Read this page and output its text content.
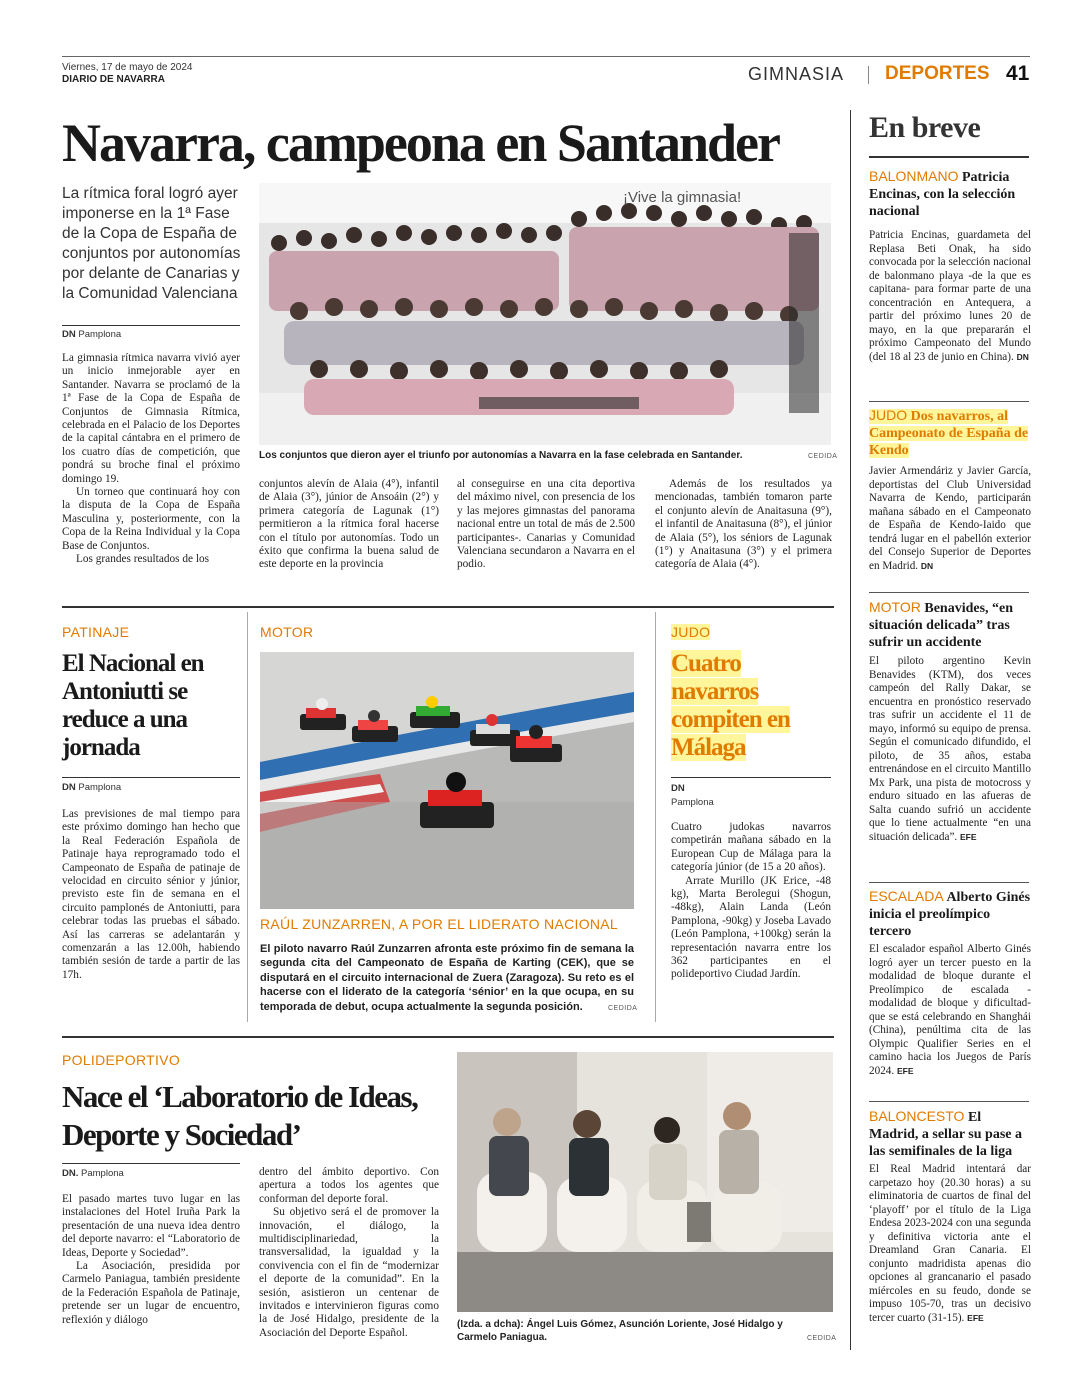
Viernes, 17 de mayo de 2024
DIARIO DE NAVARRA	GIMNASIA DEPORTES 41
Navarra, campeona en Santander
La rítmica foral logró ayer imponerse en la 1ª Fase de la Copa de España de conjuntos por autonomías por delante de Canarias y la Comunidad Valenciana
DN Pamplona

La gimnasia rítmica navarra vivió ayer un inicio inmejorable ayer en Santander. Navarra se proclamó de la 1ª Fase de la Copa de España de Conjuntos de Gimnasia Rítmica, celebrada en el Palacio de los Deportes de la capital cántabra en el primero de los cuatro días de competición, que pondrá su broche final el próximo domingo 19.

Un torneo que continuará hoy con la disputa de la Copa de España Masculina y, posteriormente, con la Copa de la Reina Individual y la Copa Base de Conjuntos.

Los grandes resultados de los

¡Vive la gimnasia!
Los conjuntos que dieron ayer el triunfo por autonomías a Navarra en la fase celebrada en Santander.	CEDIDA
conjuntos alevín de Alaia (4°), infantil de Alaia (3°), júnior de Ansoáin (2°) y primera categoría de Lagunak (1°) permitieron a la rítmica foral hacerse con el título por autonomías. Todo un éxito que confirma la buena salud de este deporte en la provincia
al conseguirse en una cita deportiva del máximo nivel, con presencia de los y las mejores gimnastas del panorama nacional entre un total de más de 2.500 participantes-. Canarias y Comunidad Valenciana secundaron a Navarra en el podio.
Además de los resultados ya mencionadas, también tomaron parte el conjunto alevín de Anaitasuna (9°), el infantil de Anaitasuna (8°), el júnior de Alaia (5°), los séniors de Lagunak (1°) y Anaitasuna (3°) y el primera categoría de Alaia (4°).
PATINAJE
El Nacional en Antoniutti se reduce a una jornada
DN Pamplona
Las previsiones de mal tiempo para este próximo domingo han hecho que la Real Federación Española de Patinaje haya reprogramado todo el Campeonato de España de patinaje de velocidad en circuito sénior y júnior, previsto este fin de semana en el circuito pamplonés de Antoniutti, para celebrar todas las pruebas el sábado. Así las carreras se adelantarán y comenzarán a las 12.00h, habiendo también sesión de tarde a partir de las 17h.
MOTOR
RAÚL ZUNZARREN, A POR EL LIDERATO NACIONAL
El piloto navarro Raúl Zunzarren afronta este próximo fin de semana la segunda cita del Campeonato de España de Karting (CEK), que se disputará en el circuito internacional de Zuera (Zaragoza). Su reto es el hacerse con el liderato de la categoría ‘sénior’ en la que ocupa, en su temporada de debut, ocupa actualmente la segunda posición.	CEDIDA
JUDO
Cuatro navarros compiten en Málaga
DN
Pamplona

Cuatro judokas navarros competirán mañana sábado en la European Cup de Málaga para la categoría júnior (de 15 a 20 años).

Arrate Murillo (JK Erice, -48 kg), Marta Berolegui (Shogun, -48kg), Alain Landa (León Pamplona, -90kg) y Joseba Lavado (León Pamplona, +100kg) serán la representación navarra entre los 362 participantes en el polideportivo Ciudad Jardín.

POLIDEPORTIVO
Nace el ‘Laboratorio de Ideas, Deporte y Sociedad’
DN. Pamplona

El pasado martes tuvo lugar en las instalaciones del Hotel Iruña Park la presentación de una nueva idea dentro del deporte navarro: el “Laboratorio de Ideas, Deporte y Sociedad”.

La Asociación, presidida por Carmelo Paniagua, también presidente de la Federación Española de Patinaje, pretende ser un lugar de encuentro, reflexión y diálogo

dentro del ámbito deportivo. Con apertura a todos los agentes que conforman del deporte foral.

Su objetivo será el de promover la innovación, el diálogo, la multidisciplinariedad, la transversalidad, la igualdad y la convivencia con el fin de “modernizar el deporte de la comunidad”. En la sesión, asistieron un centenar de invitados e intervinieron figuras como la de José Hidalgo, presidente de la Asociación del Deporte Español.

(Izda. a dcha): Ángel Luis Gómez, Asunción Loriente, José Hidalgo y Carmelo Paniagua.	CEDIDA
En breve
BALONMANO Patricia Encinas, con la selección nacional
Patricia Encinas, guardameta del Replasa Beti Onak, ha sido convocada por la selección nacional de balonmano playa -de la que es capitana- para formar parte de una concentración en Antequera, a partir del próximo lunes 20 de mayo, en la que prepararán el próximo Campeonato del Mundo (del 18 al 23 de junio en China). DN
JUDO Dos navarros, al Campeonato de España de Kendo
Javier Armendáriz y Javier García, deportistas del Club Universidad Navarra de Kendo, participarán mañana sábado en el Campeonato de España de Kendo-Iaido que tendrá lugar en el pabellón exterior del Consejo Superior de Deportes en Madrid. DN
MOTOR Benavides, “en situación delicada” tras sufrir un accidente
El piloto argentino Kevin Benavides (KTM), dos veces campeón del Rally Dakar, se encuentra en pronóstico reservado tras sufrir un accidente el 11 de mayo, informó su equipo de prensa. Según el comunicado difundido, el piloto, de 35 años, estaba entrenándose en el circuito Mantillo Mx Park, una pista de motocross y enduro situado en las afueras de Salta cuando sufrió un accidente que lo tiene actualmente “en una situación delicada”. EFE
ESCALADA Alberto Ginés inicia el preolímpico tercero
El escalador español Alberto Ginés logró ayer un tercer puesto en la modalidad de bloque durante el Preolímpico de escalada -modalidad de bloque y dificultad- que se está celebrando en Shanghái (China), penúltima cita de las Olympic Qualifier Series en el camino hacia los Juegos de París 2024. EFE
BALONCESTO El Madrid, a sellar su pase a las semifinales de la liga
El Real Madrid intentará dar carpetazo hoy (20.30 horas) a su eliminatoria de cuartos de final del ‘playoff’ por el título de la Liga Endesa 2023-2024 con una segunda y definitiva victoria ante el Dreamland Gran Canaria. El conjunto madridista apenas dio opciones al grancanario el pasado miércoles en su feudo, donde se impuso 105-70, tras un decisivo tercer cuarto (31-15). EFE
